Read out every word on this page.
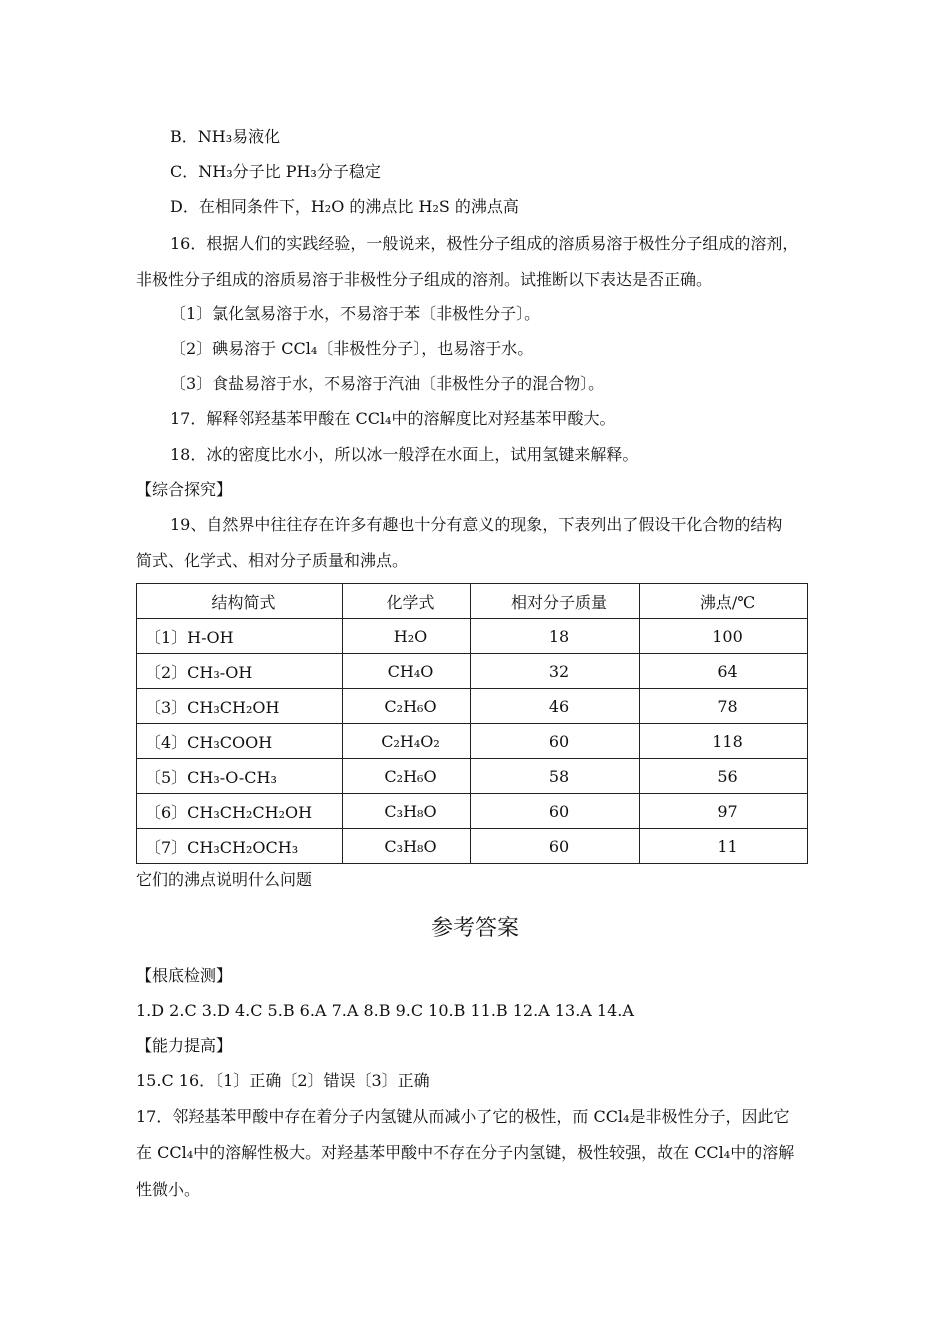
B．NH₃易液化
C．NH₃分子比 PH₃分子稳定
D．在相同条件下，H₂O 的沸点比 H₂S 的沸点高
16．根据人们的实践经验，一般说来，极性分子组成的溶质易溶于极性分子组成的溶剂，
非极性分子组成的溶质易溶于非极性分子组成的溶剂。试推断以下表达是否正确。
〔1〕氯化氢易溶于水，不易溶于苯〔非极性分子〕。
〔2〕碘易溶于 CCl₄〔非极性分子〕，也易溶于水。
〔3〕食盐易溶于水，不易溶于汽油〔非极性分子的混合物〕。
17．解释邻羟基苯甲酸在 CCl₄中的溶解度比对羟基苯甲酸大。
18．冰的密度比水小，所以冰一般浮在水面上，试用氢键来解释。
【综合探究】
19、自然界中往往存在许多有趣也十分有意义的现象，下表列出了假设干化合物的结构
简式、化学式、相对分子质量和沸点。
结构简式	化学式	相对分子质量	沸点/℃
〔1〕H-OH	H₂O	18	100
〔2〕CH₃-OH	CH₄O	32	64
〔3〕CH₃CH₂OH	C₂H₆O	46	78
〔4〕CH₃COOH	C₂H₄O₂	60	118
〔5〕CH₃-O-CH₃	C₂H₆O	58	56
〔6〕CH₃CH₂CH₂OH	C₃H₈O	60	97
〔7〕CH₃CH₂OCH₃	C₃H₈O	60	11
它们的沸点说明什么问题
参考答案
【根底检测】
1.D 2.C 3.D 4.C 5.B 6.A 7.A 8.B 9.C 10.B 11.B 12.A 13.A 14.A
【能力提高】
15.C 16．〔1〕正确〔2〕错误〔3〕正确
17．邻羟基苯甲酸中存在着分子内氢键从而减小了它的极性，而 CCl₄是非极性分子，因此它
在 CCl₄中的溶解性极大。对羟基苯甲酸中不存在分子内氢键，极性较强，故在 CCl₄中的溶解
性微小。
